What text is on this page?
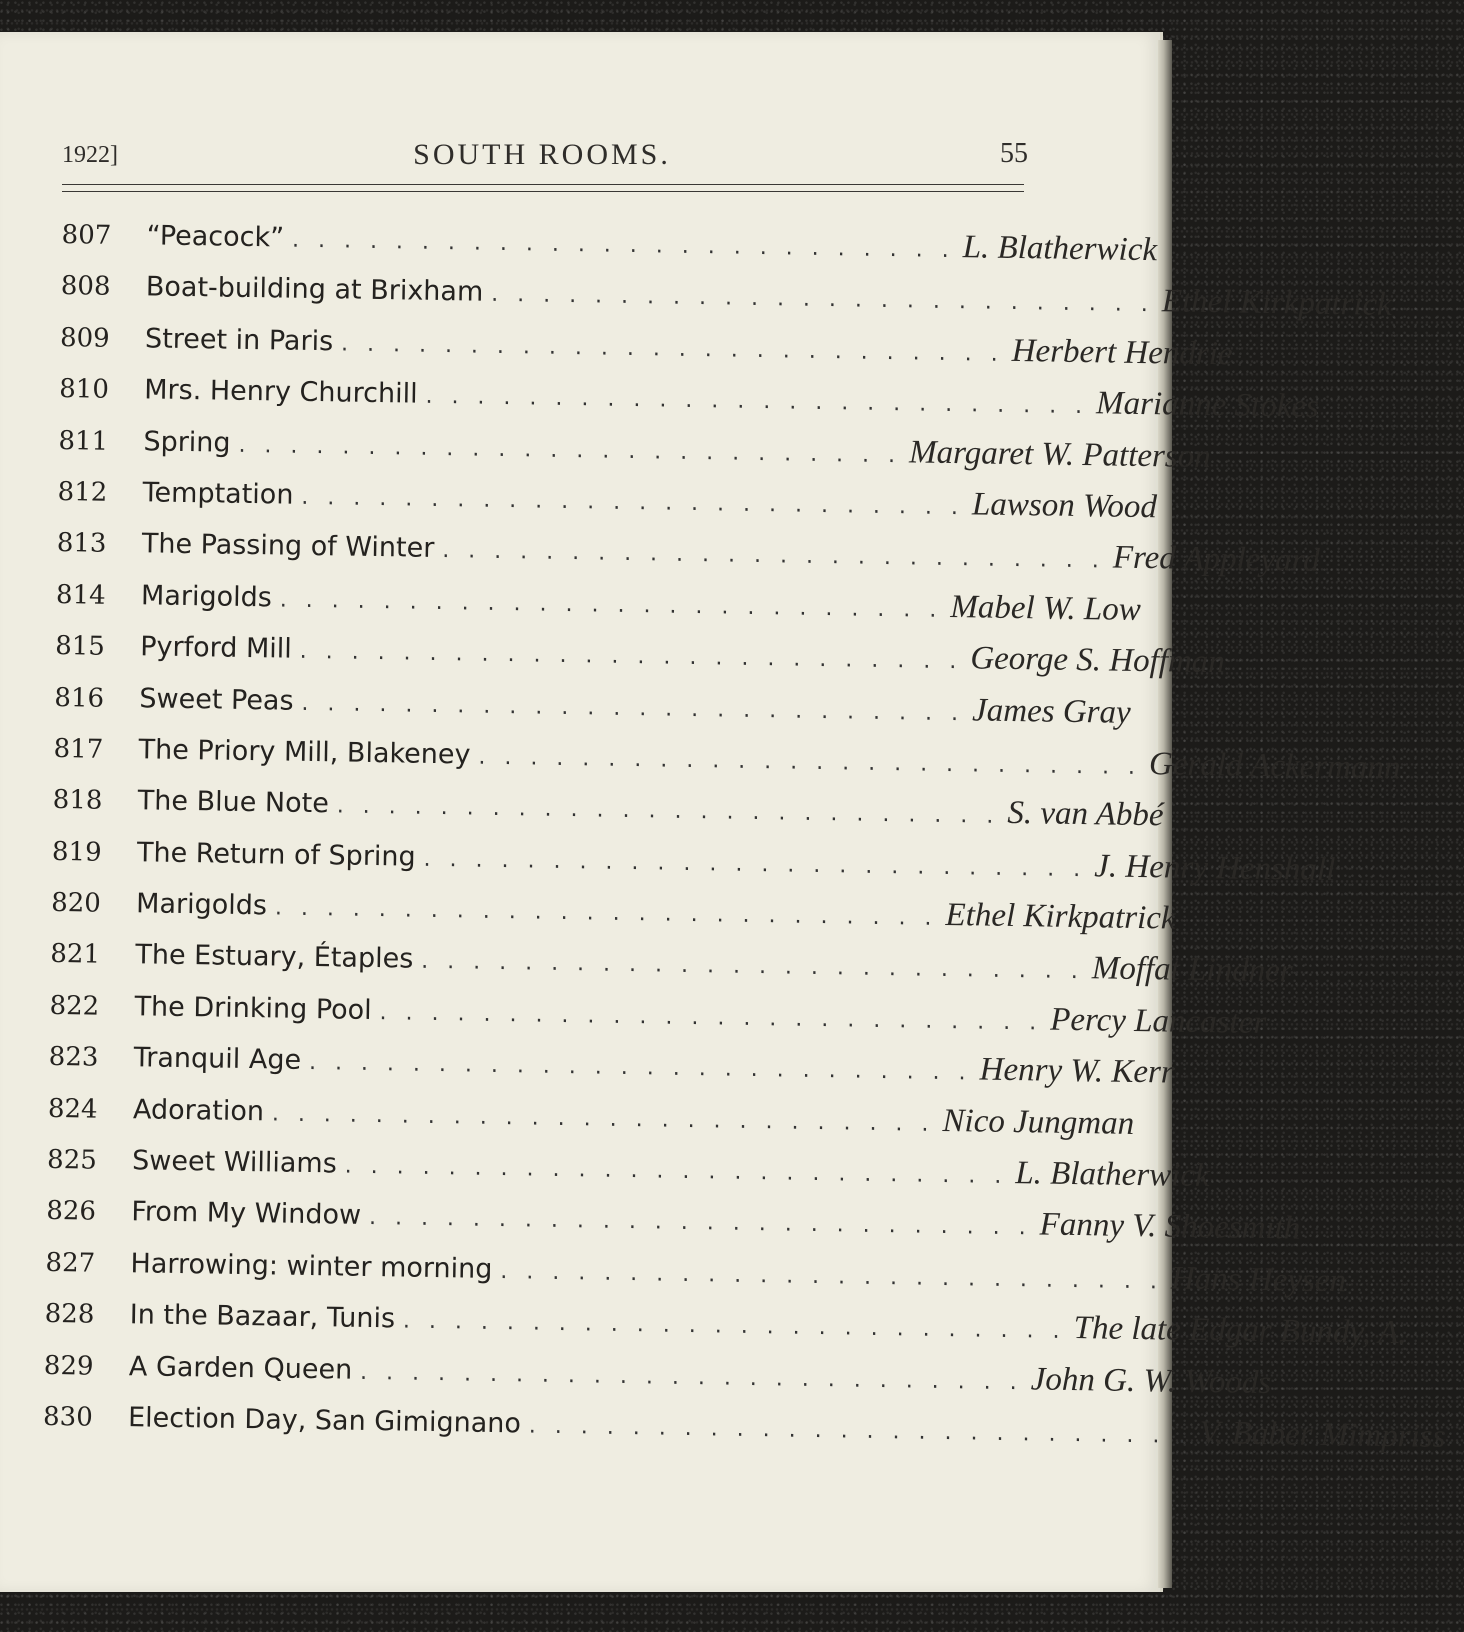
1922]	SOUTH ROOMS.	55
807	“Peacock” . . . . . . . . . . . . . . . . . . . . . . . . . . L. Blatherwick
808	Boat-building at Brixham . . . . . . . . . . . . . . . . . . . . . . . . . . Ethel Kirkpatrick
809	Street in Paris . . . . . . . . . . . . . . . . . . . . . . . . . . Herbert Hendrie
810	Mrs. Henry Churchill . . . . . . . . . . . . . . . . . . . . . . . . . . Marianne Stokes
811	Spring . . . . . . . . . . . . . . . . . . . . . . . . . . Margaret W. Patterson
812	Temptation . . . . . . . . . . . . . . . . . . . . . . . . . . Lawson Wood
813	The Passing of Winter . . . . . . . . . . . . . . . . . . . . . . . . . . Fred Appleyard
814	Marigolds . . . . . . . . . . . . . . . . . . . . . . . . . . Mabel W. Low
815	Pyrford Mill . . . . . . . . . . . . . . . . . . . . . . . . . . George S. Hoffman
816	Sweet Peas . . . . . . . . . . . . . . . . . . . . . . . . . . James Gray
817	The Priory Mill, Blakeney . . . . . . . . . . . . . . . . . . . . . . . . . . Gerald Ackermann
818	The Blue Note . . . . . . . . . . . . . . . . . . . . . . . . . . S. van Abbé
819	The Return of Spring . . . . . . . . . . . . . . . . . . . . . . . . . . J. Henry Henshall
820	Marigolds . . . . . . . . . . . . . . . . . . . . . . . . . . Ethel Kirkpatrick
821	The Estuary, Étaples . . . . . . . . . . . . . . . . . . . . . . . . . . Moffat Lindner
822	The Drinking Pool . . . . . . . . . . . . . . . . . . . . . . . . . . Percy Lancaster
823	Tranquil Age . . . . . . . . . . . . . . . . . . . . . . . . . . Henry W. Kerr
824	Adoration . . . . . . . . . . . . . . . . . . . . . . . . . . Nico Jungman
825	Sweet Williams . . . . . . . . . . . . . . . . . . . . . . . . . . L. Blatherwick
826	From My Window . . . . . . . . . . . . . . . . . . . . . . . . . . Fanny V. Shoesmith
827	Harrowing: winter morning . . . . . . . . . . . . . . . . . . . . . . . . . . Hans Heysen
828	In the Bazaar, Tunis . . . . . . . . . . . . . . . . . . . . . . . . . . The late Edgar Bundy, A.
829	A Garden Queen . . . . . . . . . . . . . . . . . . . . . . . . . . John G. W. Woods
830	Election Day, San Gimignano . . . . . . . . . . . . . . . . . . . . . . . . . . V. Baber Mimpriss
